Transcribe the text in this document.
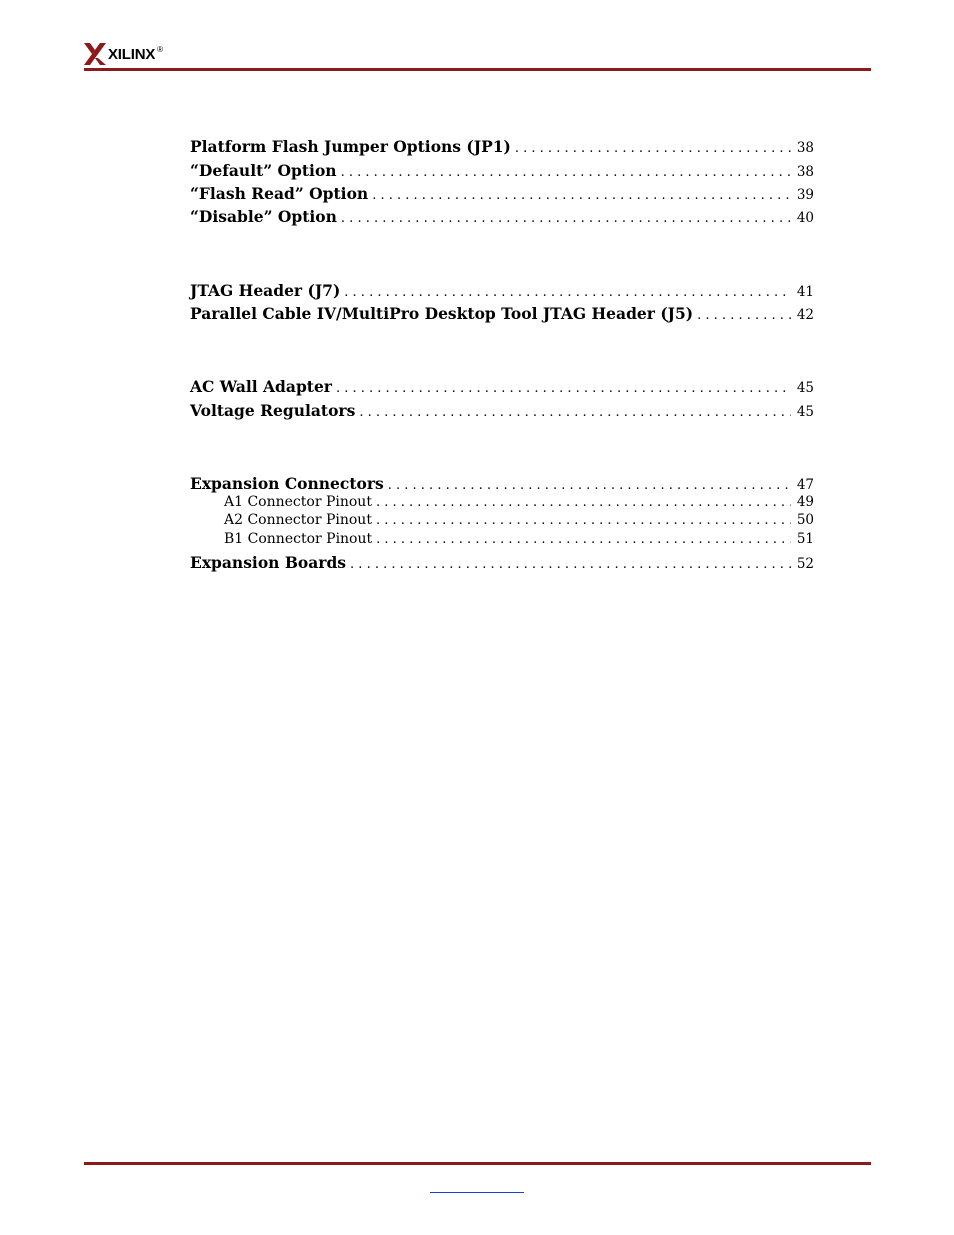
XILINX ®
Platform Flash Jumper Options (JP1) . . .	38
“Default” Option . . .	38
“Flash Read” Option . . .	39
“Disable” Option . . .	40
JTAG Header (J7) . . .	41
Parallel Cable IV/MultiPro Desktop Tool JTAG Header (J5) . . .	42
AC Wall Adapter . . .	45
Voltage Regulators . . .	45
Expansion Connectors . . .	47
A1 Connector Pinout . . .	49
A2 Connector Pinout . . .	50
B1 Connector Pinout . . .	51
Expansion Boards . . .	52
